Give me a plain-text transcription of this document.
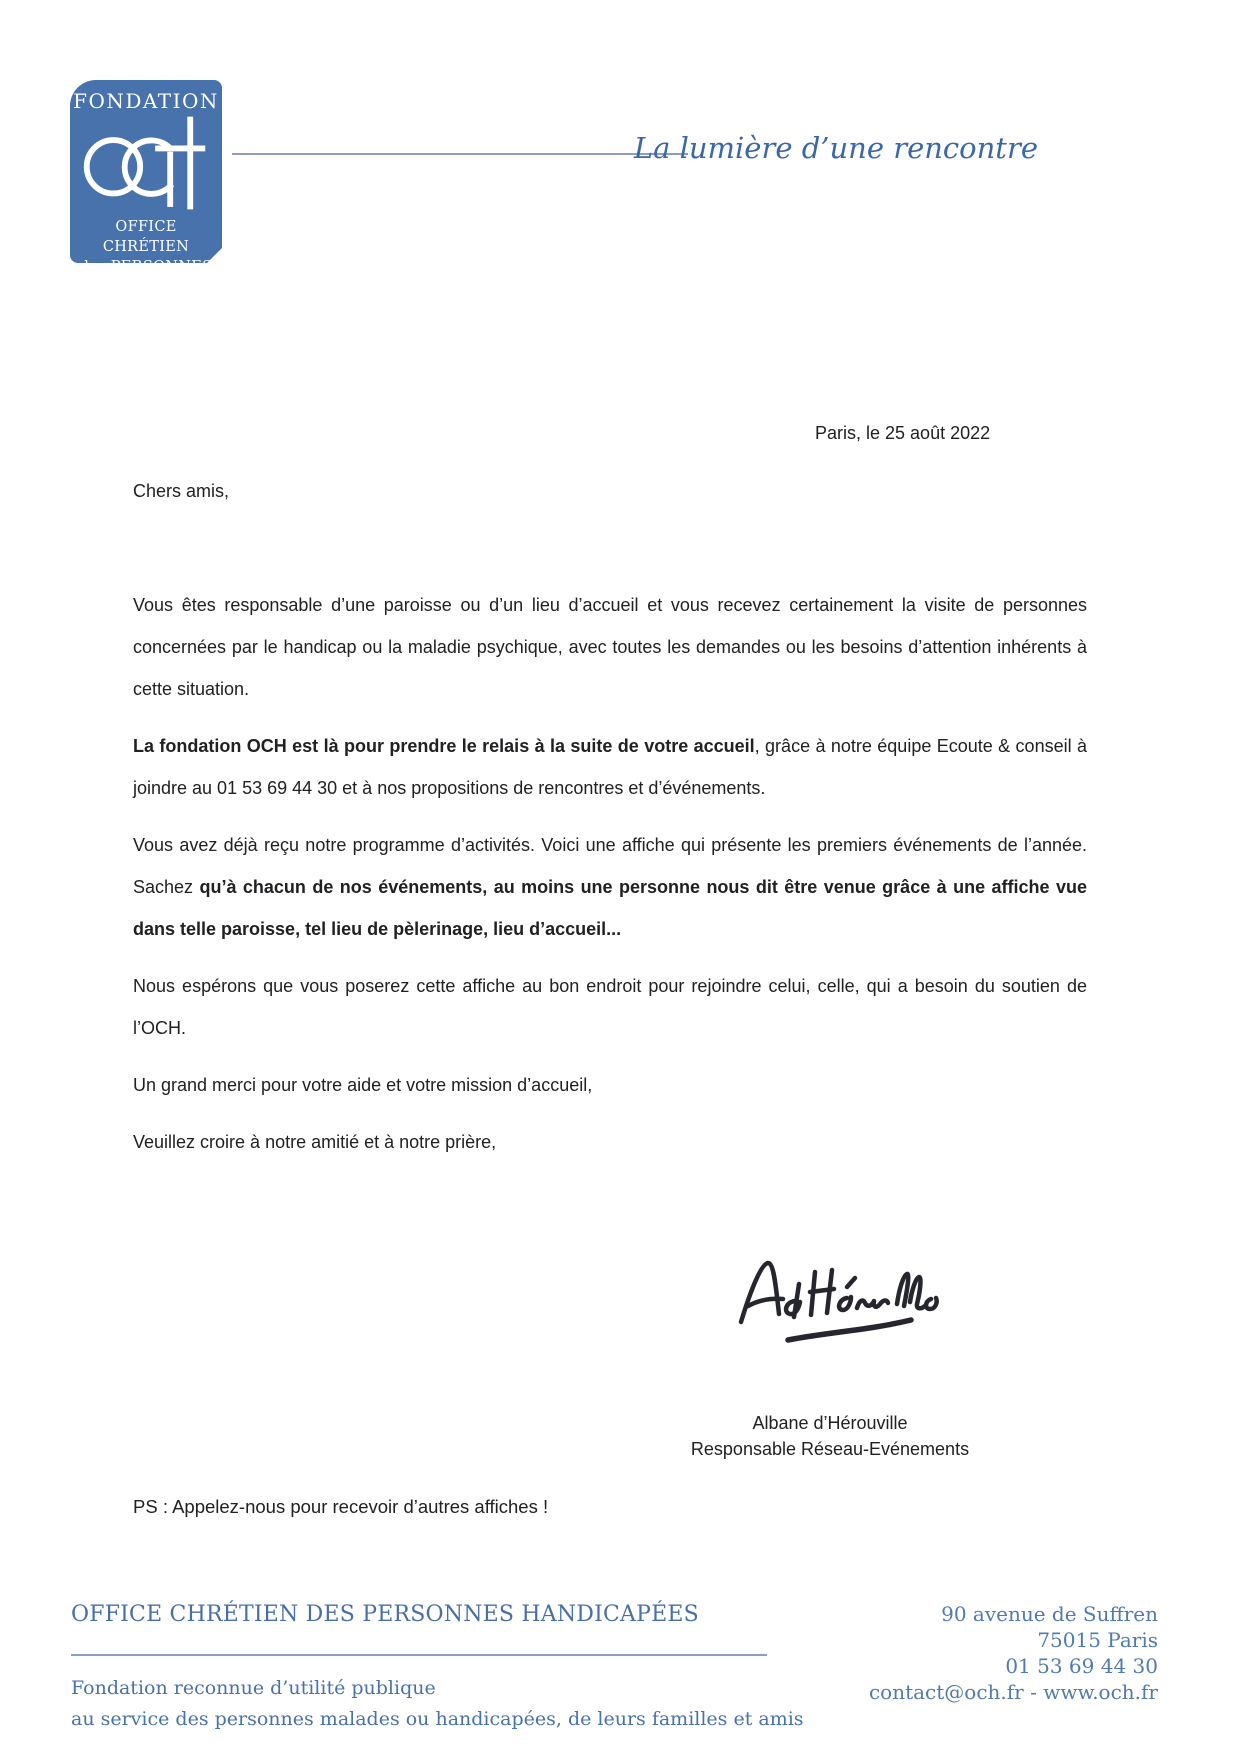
FONDATION
OFFICE CHRÉTIEN
des PERSONNES
HANDICAPÉES
La lumière d’une rencontre
Paris, le 25 août 2022
Chers amis,

Vous êtes responsable d’une paroisse ou d’un lieu d’accueil et vous recevez certainement la visite de personnes concernées par le handicap ou la maladie psychique, avec toutes les demandes ou les besoins d’attention inhérents à cette situation.

La fondation OCH est là pour prendre le relais à la suite de votre accueil, grâce à notre équipe Ecoute & conseil à joindre au 01 53 69 44 30 et à nos propositions de rencontres et d’événements.

Vous avez déjà reçu notre programme d’activités. Voici une affiche qui présente les premiers événements de l’année. Sachez qu’à chacun de nos événements, au moins une personne nous dit être venue grâce à une affiche vue dans telle paroisse, tel lieu de pèlerinage, lieu d’accueil...

Nous espérons que vous poserez cette affiche au bon endroit pour rejoindre celui, celle, qui a besoin du soutien de l’OCH.

Un grand merci pour votre aide et votre mission d’accueil,

Veuillez croire à notre amitié et à notre prière,

Albane d’Hérouville
Responsable Réseau-Evénements
PS : Appelez-nous pour recevoir d’autres affiches !
OFFICE CHRÉTIEN DES PERSONNES HANDICAPÉES
Fondation reconnue d’utilité publique
au service des personnes malades ou handicapées, de leurs familles et amis
90 avenue de Suffren
75015 Paris
01 53 69 44 30
contact@och.fr - www.och.fr
